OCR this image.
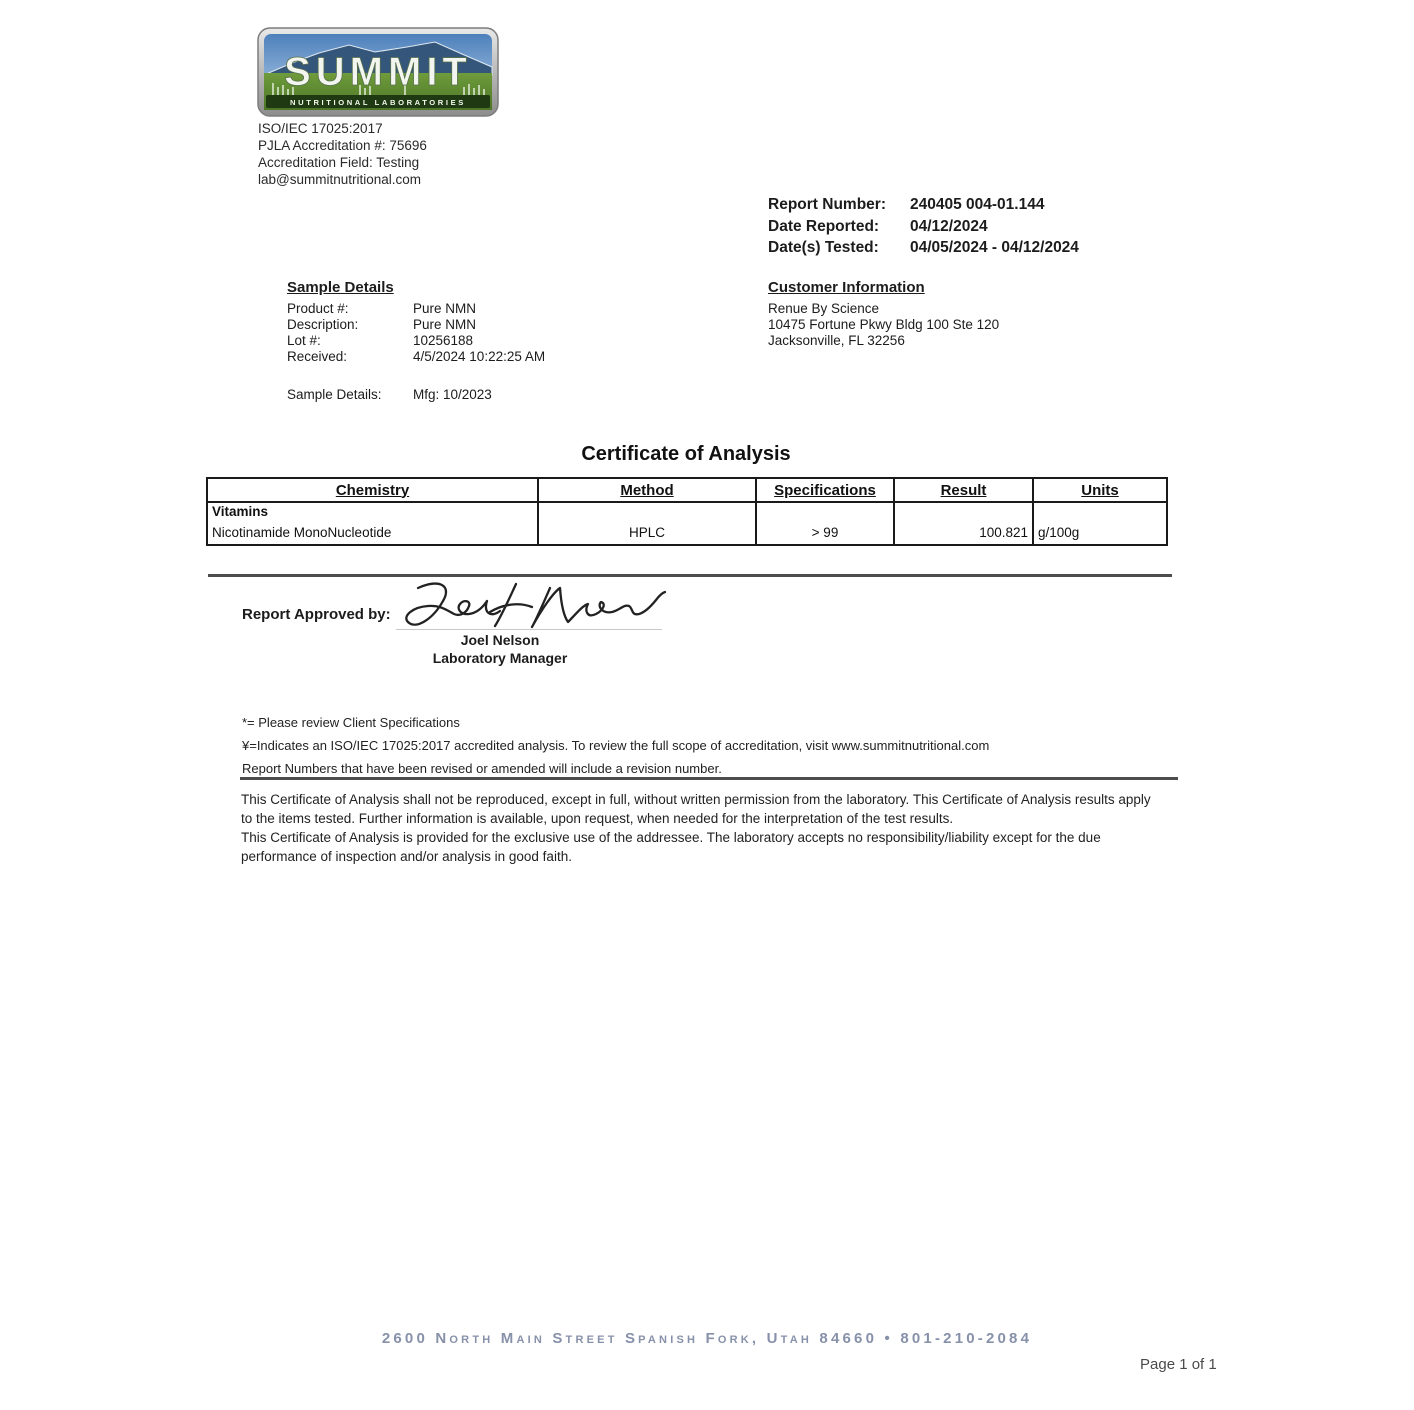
SUMMIT
NUTRITIONAL LABORATORIES
ISO/IEC 17025:2017
PJLA Accreditation #: 75696
Accreditation Field: Testing
lab@summitnutritional.com
Report Number:	240405 004-01.144
Date Reported:	04/12/2024
Date(s) Tested:	04/05/2024 - 04/12/2024
Sample Details
Product #:	Pure NMN
Description:	Pure NMN
Lot #:	10256188
Received:	4/5/2024 10:22:25 AM
Sample Details:	Mfg: 10/2023
Customer Information
Renue By Science
10475 Fortune Pkwy Bldg 100 Ste 120
Jacksonville, FL 32256
Certificate of Analysis
Chemistry	Method	Specifications	Result	Units
Vitamins				
Nicotinamide MonoNucleotide	HPLC	> 99	100.821	g/100g
Report Approved by:
Joel Nelson
Laboratory Manager
*= Please review Client Specifications
¥=Indicates an ISO/IEC 17025:2017 accredited analysis. To review the full scope of accreditation, visit www.summitnutritional.com
Report Numbers that have been revised or amended will include a revision number.
This Certificate of Analysis shall not be reproduced, except in full, without written permission from the laboratory. This Certificate of Analysis results apply to the items tested. Further information is available, upon request, when needed for the interpretation of the test results.
This Certificate of Analysis is provided for the exclusive use of the addressee. The laboratory accepts no responsibility/liability except for the due performance of inspection and/or analysis in good faith.
2600 North Main Street Spanish Fork, Utah 84660 • 801-210-2084
Page 1 of 1
